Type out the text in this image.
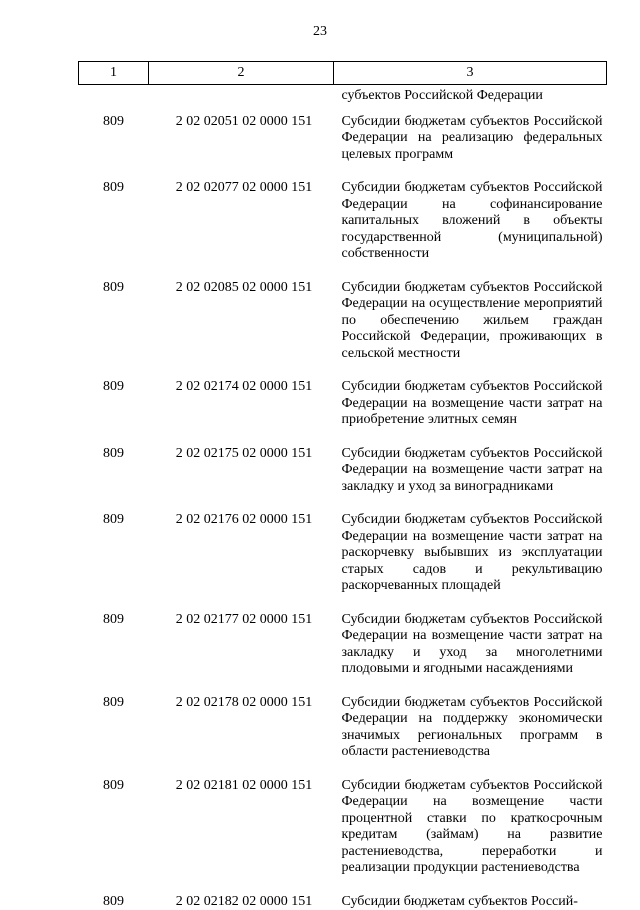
23
1	2	3
		субъектов Российской Федерации

809	2 02 02051 02 0000 151	Субсидии бюджетам субъектов Российской Федерации на реализацию федеральных целевых программ
809	2 02 02077 02 0000 151	Субсидии бюджетам субъектов Российской Федерации на софинансирование капитальных вложений в объекты государственной (муниципальной) собственности
809	2 02 02085 02 0000 151	Субсидии бюджетам субъектов Российской Федерации на осуществление мероприятий по обеспечению жильем граждан Российской Федерации, проживающих в сельской местности
809	2 02 02174 02 0000 151	Субсидии бюджетам субъектов Российской Федерации на возмещение части затрат на приобретение элитных семян
809	2 02 02175 02 0000 151	Субсидии бюджетам субъектов Российской Федерации на возмещение части затрат на закладку и уход за виноградниками
809	2 02 02176 02 0000 151	Субсидии бюджетам субъектов Российской Федерации на возмещение части затрат на раскорчевку выбывших из эксплуатации старых садов и рекультивацию раскорчеванных площадей
809	2 02 02177 02 0000 151	Субсидии бюджетам субъектов Российской Федерации на возмещение части затрат на закладку и уход за многолетними плодовыми и ягодными насаждениями
809	2 02 02178 02 0000 151	Субсидии бюджетам субъектов Российской Федерации на поддержку экономически значимых региональных программ в области растениеводства
809	2 02 02181 02 0000 151	Субсидии бюджетам субъектов Российской Федерации на возмещение части процентной ставки по краткосрочным кредитам (займам) на развитие растениеводства, переработки и реализации продукции растениеводства
809	2 02 02182 02 0000 151	Субсидии бюджетам субъектов Россий-
